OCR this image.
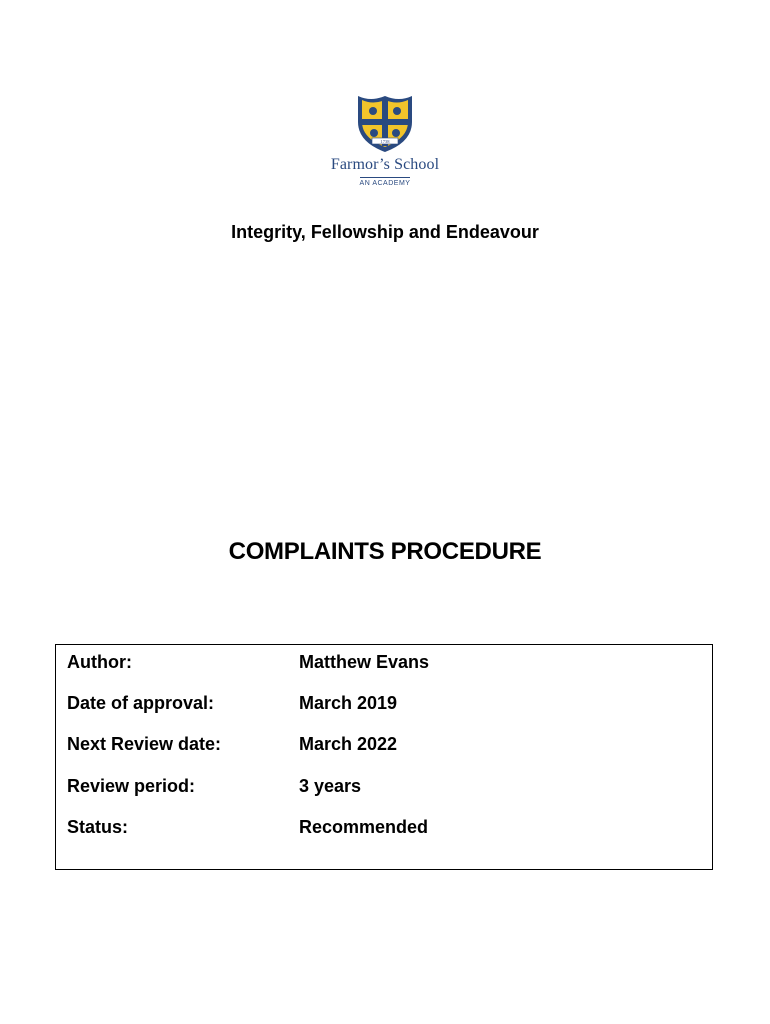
1738
Farmor’s School
AN ACADEMY
Integrity, Fellowship and Endeavour
COMPLAINTS PROCEDURE
Author:	Matthew Evans
Date of approval:	March 2019
Next Review date:	March 2022
Review period:	3 years
Status:	Recommended
